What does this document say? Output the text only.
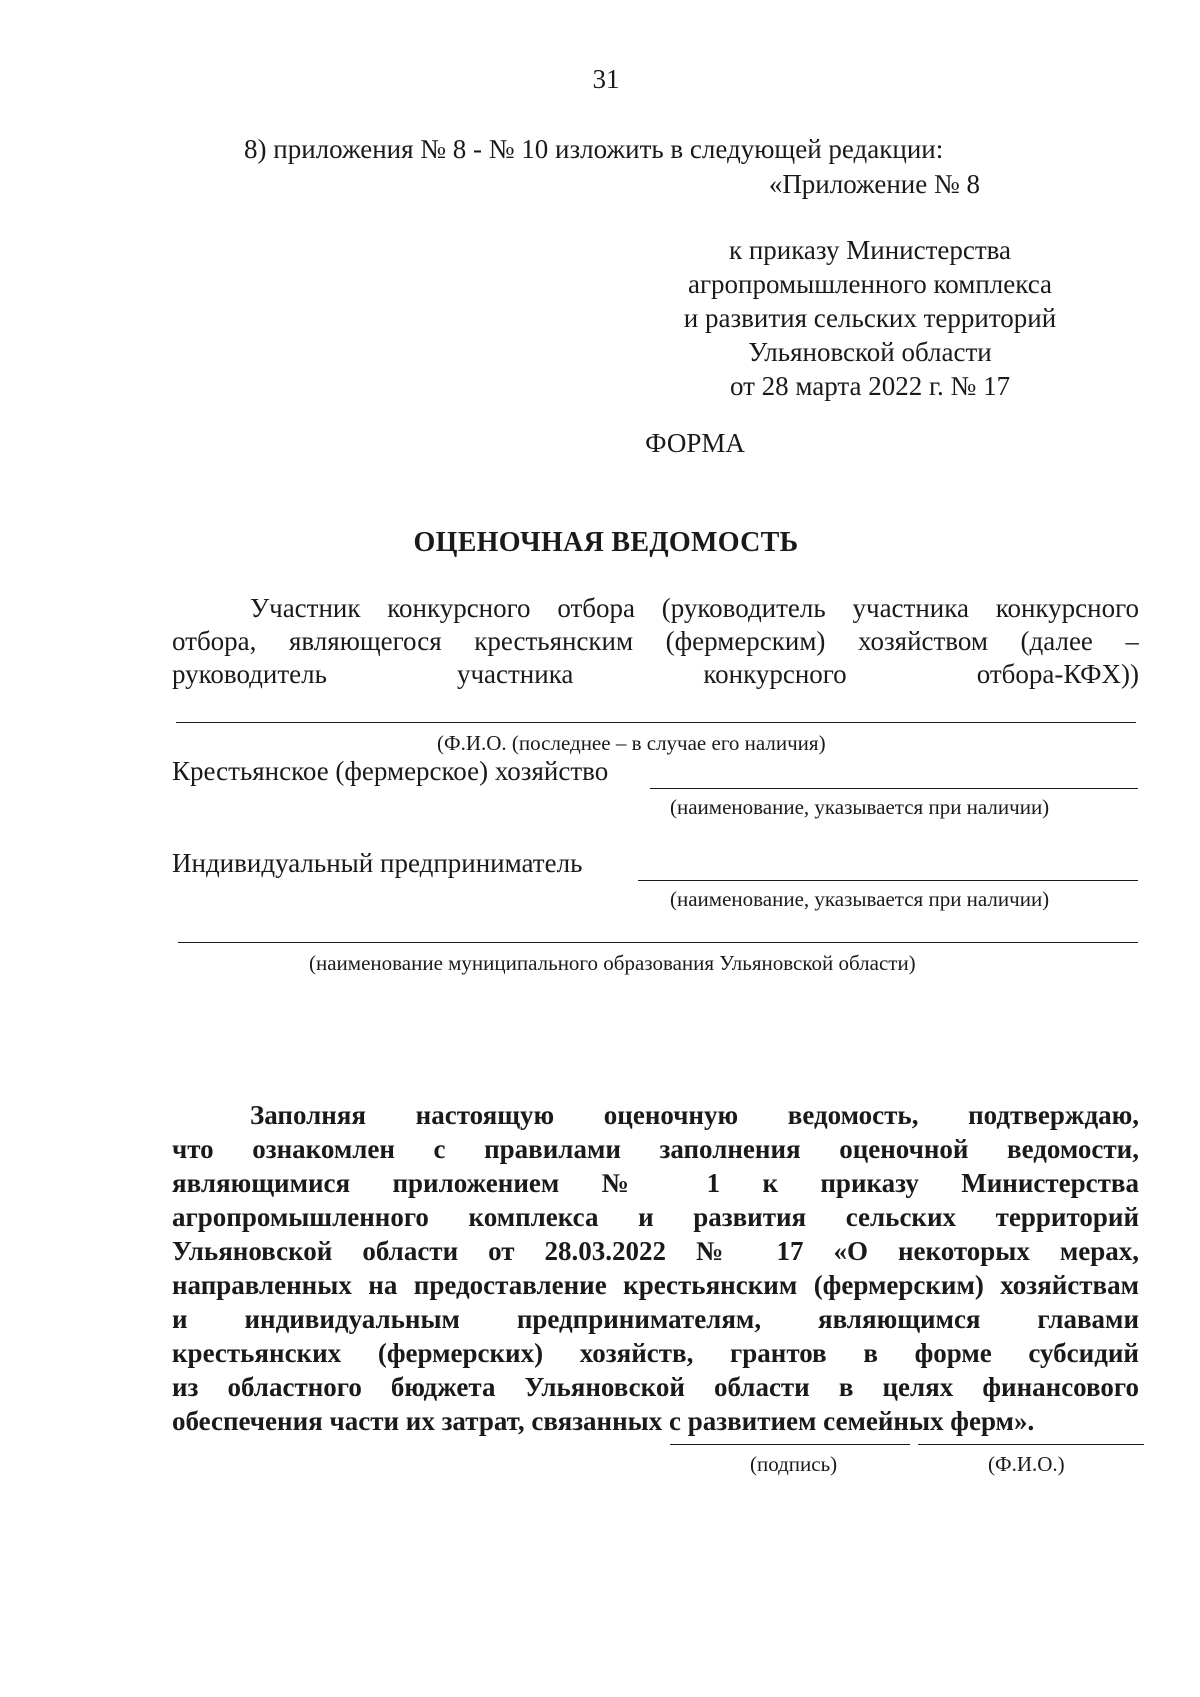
31
8) приложения № 8 - № 10 изложить в следующей редакции:
«Приложение № 8
к приказу Министерства
агропромышленного комплекса
и развития сельских территорий
Ульяновской области
от 28 марта 2022 г. № 17
ФОРМА
ОЦЕНОЧНАЯ ВЕДОМОСТЬ
Участник конкурсного отбора (руководитель участника конкурсного
отбора, являющегося крестьянским (фермерским) хозяйством (далее –
руководитель участника конкурсного отбора-КФХ))
(Ф.И.О. (последнее – в случае его наличия)
Крестьянское (фермерское) хозяйство
(наименование, указывается при наличии)
Индивидуальный предприниматель
(наименование, указывается при наличии)
(наименование муниципального образования Ульяновской области)
Заполняя настоящую оценочную ведомость, подтверждаю,
что ознакомлен с правилами заполнения оценочной ведомости,
являющимися приложением № 1 к приказу Министерства
агропромышленного комплекса и развития сельских территорий
Ульяновской области от 28.03.2022 № 17 «О некоторых мерах,
направленных на предоставление крестьянским (фермерским) хозяйствам
и индивидуальным предпринимателям, являющимся главами
крестьянских (фермерских) хозяйств, грантов в форме субсидий
из областного бюджета Ульяновской области в целях финансового
обеспечения части их затрат, связанных с развитием семейных ферм».
(подпись)	(Ф.И.О.)
